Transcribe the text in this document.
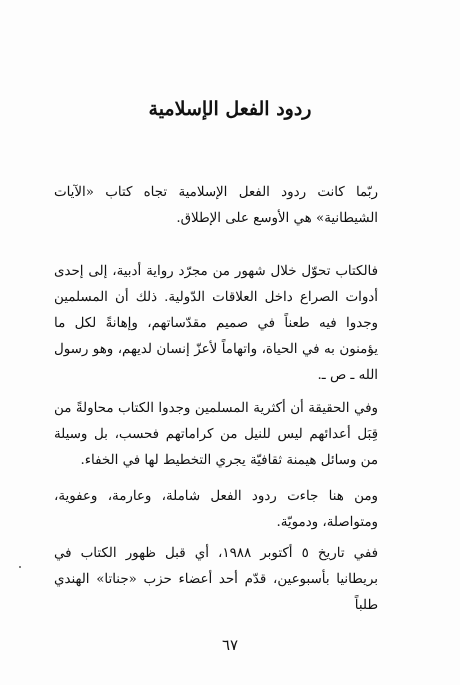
ردود الفعل الإسلامية
ربّما كانت ردود الفعل الإسلامية تجاه كتاب «الآيات الشيطانية» هي الأوسع على الإطلاق.
فالكتاب تحوّل خلال شهور من مجرّد رواية أدبية، إلى إحدى أدوات الصراع داخل العلاقات الدّولية. ذلك أن المسلمين وجدوا فيه طعناً في صميم مقدّساتهم، وإهانةً لكل ما يؤمنون به في الحياة، واتهاماً لأعزّ إنسان لديهم، وهو رسول الله ـ ص ـ.
وفي الحقيقة أن أكثرية المسلمين وجدوا الكتاب محاولةً من قِبَل أعدائهم ليس للنيل من كراماتهم فحسب، بل وسيلة من وسائل هيمنة ثقافيّة يجري التخطيط لها في الخفاء.
ومن هنا جاءت ردود الفعل شاملة، وعارمة، وعفوية، ومتواصلة، ودمويّة.
ففي تاريخ ٥ أكتوبر ١٩٨٨، أي قبل ظهور الكتاب في بريطانيا بأسبوعين، قدّم أحد أعضاء حزب «جناتا» الهندي طلباً
٦٧
